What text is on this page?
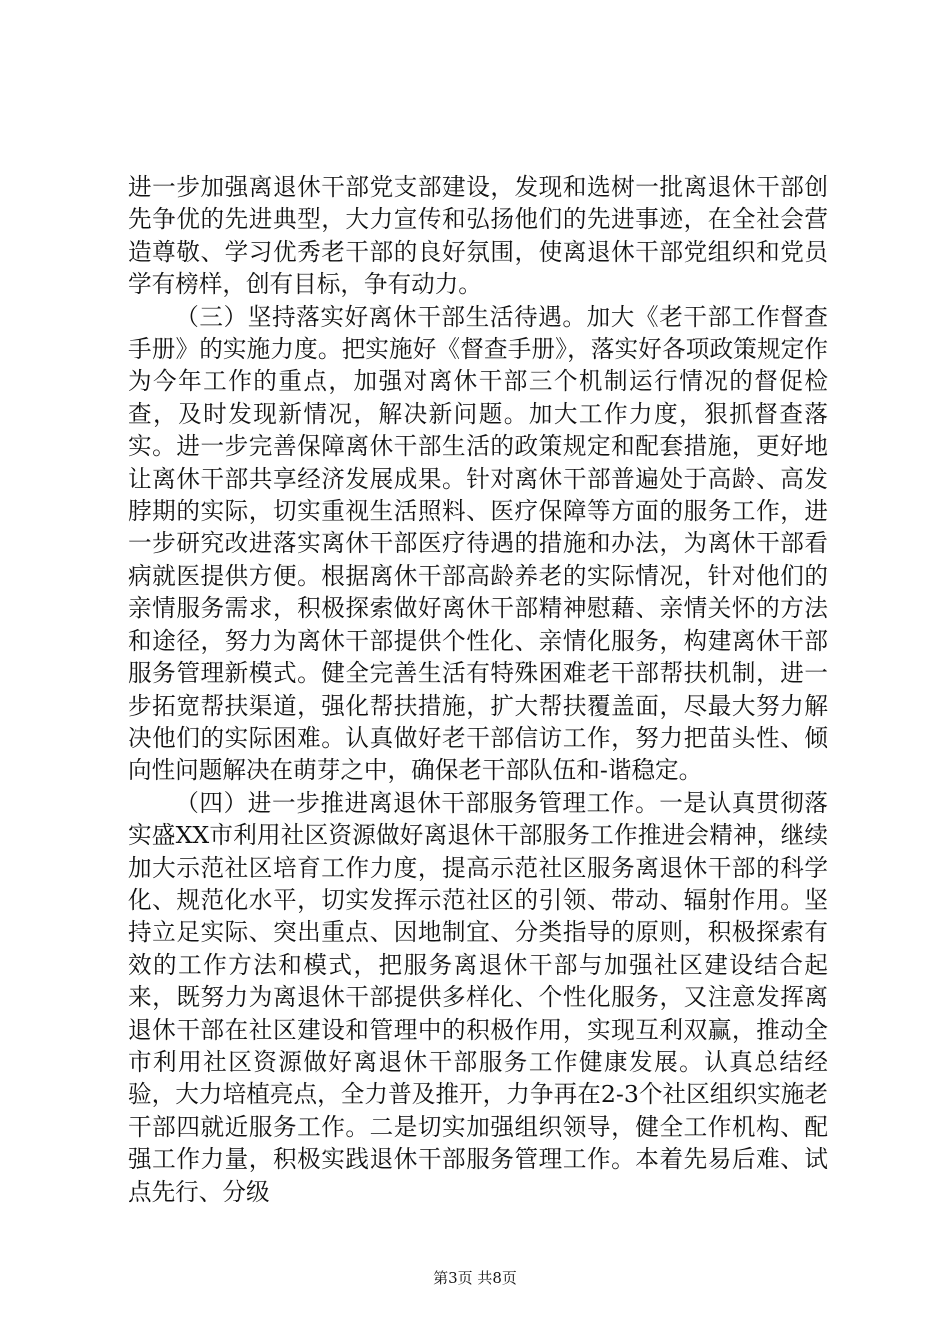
进一步加强离退休干部党支部建设，发现和选树一批离退休干部创先争优的先进典型，大力宣传和弘扬他们的先进事迹，在全社会营造尊敬、学习优秀老干部的良好氛围，使离退休干部党组织和党员学有榜样，创有目标，争有动力。

（三）坚持落实好离休干部生活待遇。加大《老干部工作督查手册》的实施力度。把实施好《督查手册》，落实好各项政策规定作为今年工作的重点，加强对离休干部三个机制运行情况的督促检查，及时发现新情况，解决新问题。加大工作力度，狠抓督查落实。进一步完善保障离休干部生活的政策规定和配套措施，更好地让离休干部共享经济发展成果。针对离休干部普遍处于高龄、高发脖期的实际，切实重视生活照料、医疗保障等方面的服务工作，进一步研究改进落实离休干部医疗待遇的措施和办法，为离休干部看病就医提供方便。根据离休干部高龄养老的实际情况，针对他们的亲情服务需求，积极探索做好离休干部精神慰藉、亲情关怀的方法和途径，努力为离休干部提供个性化、亲情化服务，构建离休干部服务管理新模式。健全完善生活有特殊困难老干部帮扶机制，进一步拓宽帮扶渠道，强化帮扶措施，扩大帮扶覆盖面，尽最大努力解决他们的实际困难。认真做好老干部信访工作，努力把苗头性、倾向性问题解决在萌芽之中，确保老干部队伍和-谐稳定。

（四）进一步推进离退休干部服务管理工作。一是认真贯彻落实盛XX市利用社区资源做好离退休干部服务工作推进会精神，继续加大示范社区培育工作力度，提高示范社区服务离退休干部的科学化、规范化水平，切实发挥示范社区的引领、带动、辐射作用。坚持立足实际、突出重点、因地制宜、分类指导的原则，积极探索有效的工作方法和模式，把服务离退休干部与加强社区建设结合起来，既努力为离退休干部提供多样化、个性化服务，又注意发挥离退休干部在社区建设和管理中的积极作用，实现互利双赢，推动全市利用社区资源做好离退休干部服务工作健康发展。认真总结经验，大力培植亮点，全力普及推开，力争再在2-3个社区组织实施老干部四就近服务工作。二是切实加强组织领导，健全工作机构、配强工作力量，积极实践退休干部服务管理工作。本着先易后难、试点先行、分级

第3页 共8页
